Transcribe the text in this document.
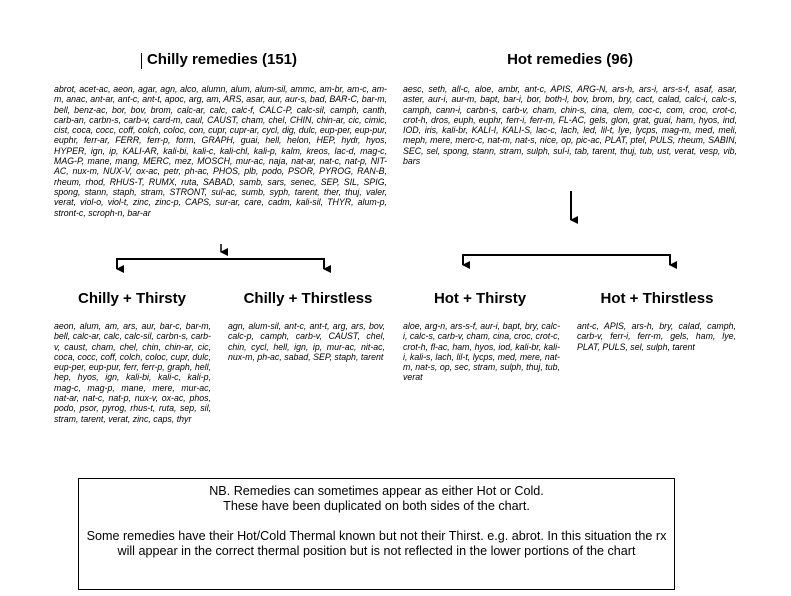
Chilly remedies (151)	Hot remedies (96)
abrot, acet-ac, aeon, agar, agn, alco, alumn, alum, alum-sil, ammc, am-br, am-c, am-m, anac, ant-ar, ant-c, ant-t, apoc, arg, am, ARS, asar, aur, aur-s, bad, BAR-C, bar-m, bell, benz-ac, bor, bov, brom, calc-ar, calc, calc-f, CALC-P, calc-sil, camph, canth, carb-an, carbn-s, carb-v, card-m, caul, CAUST, cham, chel, CHIN, chin-ar, cic, cimic, cist, coca, cocc, coff, colch, coloc, con, cupr, cupr-ar, cycl, dig, dulc, eup-per, eup-pur, euphr, ferr-ar, FERR, ferr-p, form, GRAPH, guai, hell, helon, HEP, hydr, hyos, HYPER, ign, ip, KALI-AR, kali-bi, kali-c, kali-chl, kali-p, kalm, kreos, lac-d, mag-c, MAG-P, mane, mang, MERC, mez, MOSCH, mur-ac, naja, nat-ar, nat-c, nat-p, NIT-AC, nux-m, NUX-V, ox-ac, petr, ph-ac, PHOS, plb, podo, PSOR, PYROG, RAN-B, rheum, rhod, RHUS-T, RUMX, ruta, SABAD, samb, sars, senec, SEP, SIL, SPIG, spong, stann, staph, stram, STRONT, sul-ac, sumb, syph, tarent, ther, thuj, valer, verat, viol-o, viol-t, zinc, zinc-p, CAPS, sur-ar, care, cadm, kali-sil, THYR, alum-p, stront-c, scroph-n, bar-ar
aesc, seth, all-c, aloe, ambr, ant-c, APIS, ARG-N, ars-h, ars-i, ars-s-f, asaf, asar, aster, aur-i, aur-m, bapt, bar-i, bor, both-l, bov, brom, bry, cact, calad, calc-i, calc-s, camph, cann-i, carbn-s, carb-v, cham, chin-s, cina, clem, coc-c, com, croc, crot-c, crot-h, dros, euph, euphr, ferr-i, ferr-m, FL-AC, gels, glon, grat, guai, ham, hyos, ind, IOD, iris, kali-br, KALI-I, KALI-S, lac-c, lach, led, lil-t, lye, lycps, mag-m, med, meli, meph, mere, merc-c, nat-m, nat-s, nice, op, pic-ac, PLAT, ptel, PULS, rheum, SABIN, SEC, sel, spong, stann, stram, sulph, sul-i, tab, tarent, thuj, tub, ust, verat, vesp, vib, bars
Chilly + Thirsty	Chilly + Thirstless	Hot + Thirsty	Hot + Thirstless
aeon, alum, am, ars, aur, bar-c, bar-m, bell, calc-ar, calc, calc-sil, carbn-s, carb-v, caust, cham, chel, chin, chin-ar, cic, coca, cocc, coff, colch, coloc, cupr, dulc, eup-per, eup-pur, ferr, ferr-p, graph, hell, hep, hyos, ign, kali-bi, kali-c, kali-p, mag-c, mag-p, mane, mere, mur-ac, nat-ar, nat-c, nat-p, nux-v, ox-ac, phos, podo, psor, pyrog, rhus-t, ruta, sep, sil, stram, tarent, verat, zinc, caps, thyr
agn, alum-sil, ant-c, ant-t, arg, ars, bov, calc-p, camph, carb-v, CAUST, chel, chin, cycl, hell, ign, ip, mur-ac, nit-ac, nux-m, ph-ac, sabad, SEP, staph, tarent
aloe, arg-n, ars-s-f, aur-i, bapt, bry, calc-i, calc-s, carb-v, cham, cina, croc, crot-c, crot-h, fl-ac, ham, hyos, iod, kali-br, kali-i, kali-s, lach, lil-t, lycps, med, mere, nat-m, nat-s, op, sec, stram, sulph, thuj, tub, verat
ant-c, APIS, ars-h, bry, calad, camph, carb-v, ferr-i, ferr-m, gels, ham, lye, PLAT, PULS, sel, sulph, tarent

NB. Remedies can sometimes appear as either Hot or Cold.
These have been duplicated on both sides of the chart.

Some remedies have their Hot/Cold Thermal known but not their Thirst. e.g. abrot. In this situation the rx will appear in the correct thermal position but is not reflected in the lower portions of the chart
